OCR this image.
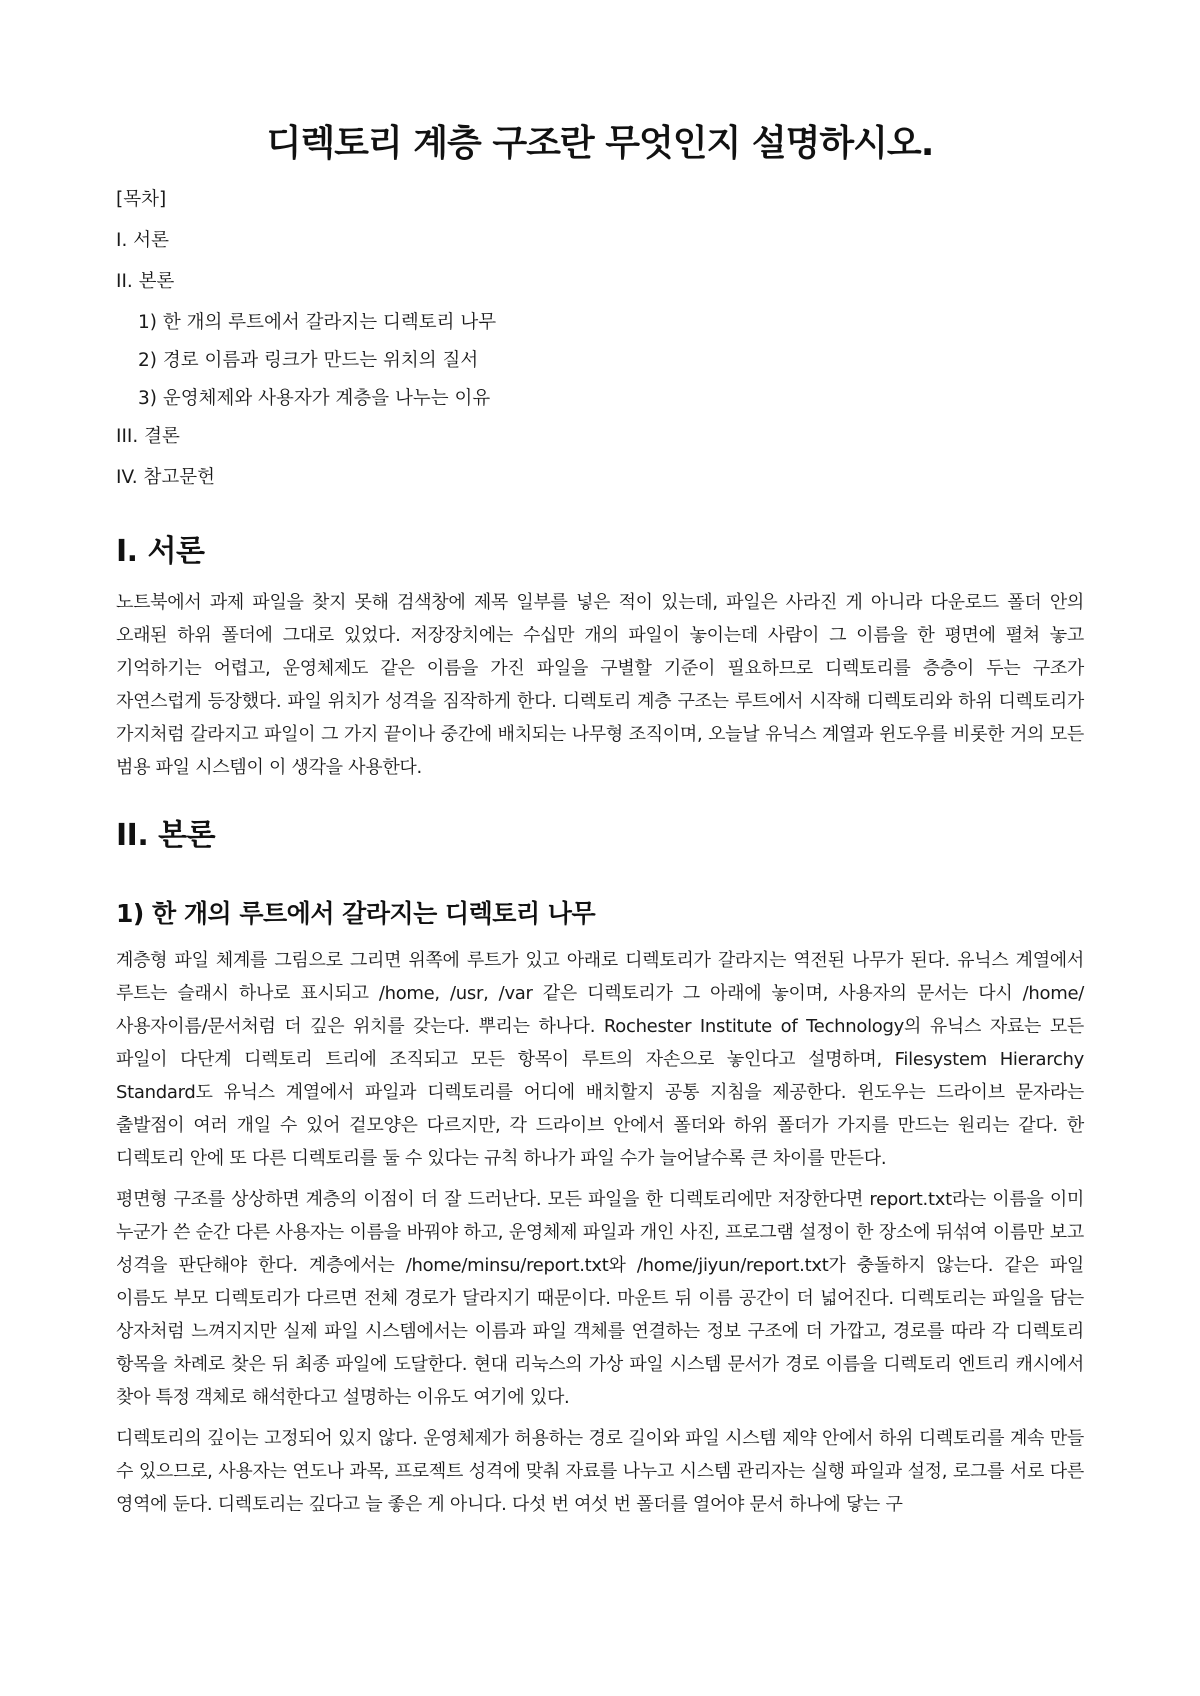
디렉토리 계층 구조란 무엇인지 설명하시오.
[목차]
I. 서론
II. 본론
1) 한 개의 루트에서 갈라지는 디렉토리 나무
2) 경로 이름과 링크가 만드는 위치의 질서
3) 운영체제와 사용자가 계층을 나누는 이유
III. 결론
IV. 참고문헌
I. 서론

노트북에서 과제 파일을 찾지 못해 검색창에 제목 일부를 넣은 적이 있는데, 파일은 사라진 게 아니라 다운로드 폴더 안의 오래된 하위 폴더에 그대로 있었다. 저장장치에는 수십만 개의 파일이 놓이는데 사람이 그 이름을 한 평면에 펼쳐 놓고 기억하기는 어렵고, 운영체제도 같은 이름을 가진 파일을 구별할 기준이 필요하므로 디렉토리를 층층이 두는 구조가 자연스럽게 등장했다. 파일 위치가 성격을 짐작하게 한다. 디렉토리 계층 구조는 루트에서 시작해 디렉토리와 하위 디렉토리가 가지처럼 갈라지고 파일이 그 가지 끝이나 중간에 배치되는 나무형 조직이며, 오늘날 유닉스 계열과 윈도우를 비롯한 거의 모든 범용 파일 시스템이 이 생각을 사용한다.

II. 본론
1) 한 개의 루트에서 갈라지는 디렉토리 나무

계층형 파일 체계를 그림으로 그리면 위쪽에 루트가 있고 아래로 디렉토리가 갈라지는 역전된 나무가 된다. 유닉스 계열에서 루트는 슬래시 하나로 표시되고 /home, /usr, /var 같은 디렉토리가 그 아래에 놓이며, 사용자의 문서는 다시 /home/사용자이름/문서처럼 더 깊은 위치를 갖는다. 뿌리는 하나다. Rochester Institute of Technology의 유닉스 자료는 모든 파일이 다단계 디렉토리 트리에 조직되고 모든 항목이 루트의 자손으로 놓인다고 설명하며, Filesystem Hierarchy Standard도 유닉스 계열에서 파일과 디렉토리를 어디에 배치할지 공통 지침을 제공한다. 윈도우는 드라이브 문자라는 출발점이 여러 개일 수 있어 겉모양은 다르지만, 각 드라이브 안에서 폴더와 하위 폴더가 가지를 만드는 원리는 같다. 한 디렉토리 안에 또 다른 디렉토리를 둘 수 있다는 규칙 하나가 파일 수가 늘어날수록 큰 차이를 만든다.

평면형 구조를 상상하면 계층의 이점이 더 잘 드러난다. 모든 파일을 한 디렉토리에만 저장한다면 report.txt라는 이름을 이미 누군가 쓴 순간 다른 사용자는 이름을 바꿔야 하고, 운영체제 파일과 개인 사진, 프로그램 설정이 한 장소에 뒤섞여 이름만 보고 성격을 판단해야 한다. 계층에서는 /home/minsu/report.txt와 /home/jiyun/report.txt가 충돌하지 않는다. 같은 파일 이름도 부모 디렉토리가 다르면 전체 경로가 달라지기 때문이다. 마운트 뒤 이름 공간이 더 넓어진다. 디렉토리는 파일을 담는 상자처럼 느껴지지만 실제 파일 시스템에서는 이름과 파일 객체를 연결하는 정보 구조에 더 가깝고, 경로를 따라 각 디렉토리 항목을 차례로 찾은 뒤 최종 파일에 도달한다. 현대 리눅스의 가상 파일 시스템 문서가 경로 이름을 디렉토리 엔트리 캐시에서 찾아 특정 객체로 해석한다고 설명하는 이유도 여기에 있다.

디렉토리의 깊이는 고정되어 있지 않다. 운영체제가 허용하는 경로 길이와 파일 시스템 제약 안에서 하위 디렉토리를 계속 만들 수 있으므로, 사용자는 연도나 과목, 프로젝트 성격에 맞춰 자료를 나누고 시스템 관리자는 실행 파일과 설정, 로그를 서로 다른 영역에 둔다. 디렉토리는 깊다고 늘 좋은 게 아니다. 다섯 번 여섯 번 폴더를 열어야 문서 하나에 닿는 구
